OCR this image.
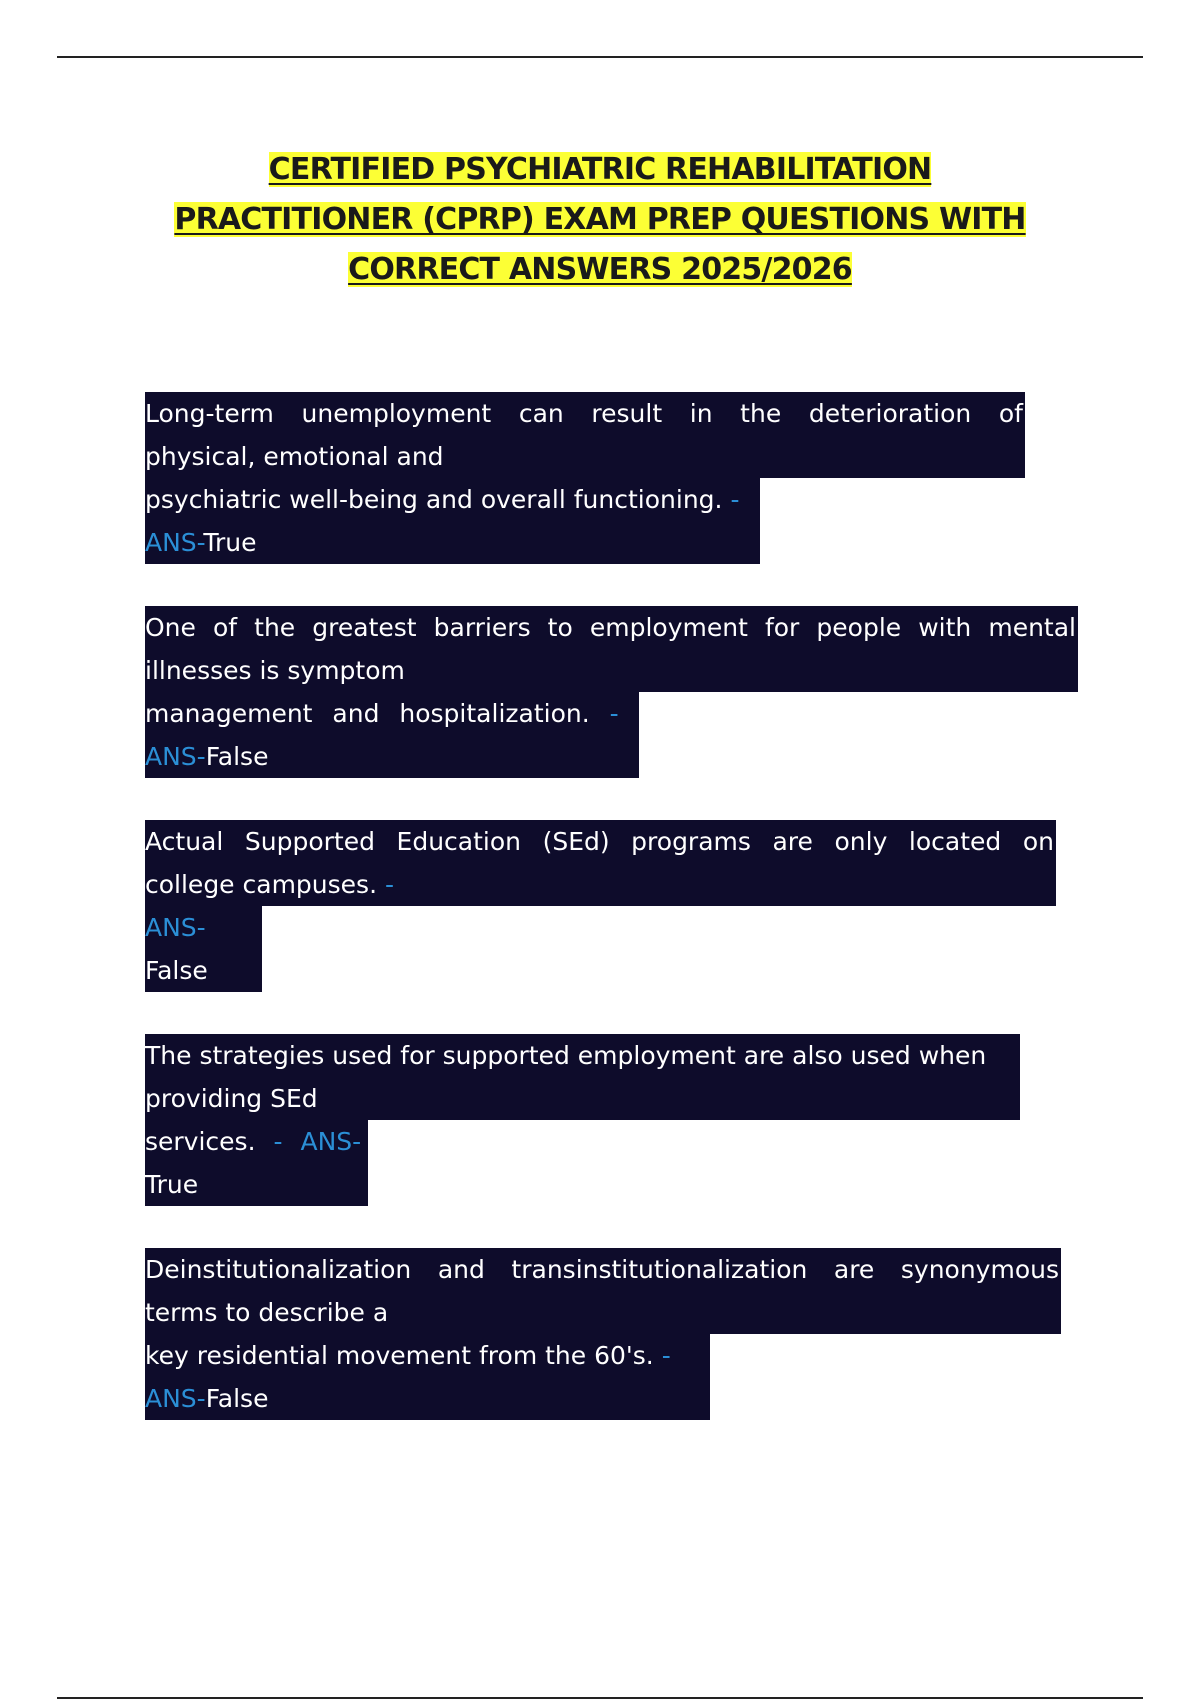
CERTIFIED PSYCHIATRIC REHABILITATION
PRACTITIONER (CPRP) EXAM PREP QUESTIONS WITH
CORRECT ANSWERS 2025/2026
Long-term unemployment can result in the deterioration of
physical, emotional and
psychiatric well-being and overall functioning. -
ANS-True
One of the greatest barriers to employment for people with mental
illnesses is symptom
management and hospitalization. -
ANS-False
Actual Supported Education (SEd) programs are only located on
college campuses. -
ANS-
False
The strategies used for supported employment are also used when
providing SEd
services. - ANS-
True
Deinstitutionalization and transinstitutionalization are synonymous
terms to describe a
key residential movement from the 60's. -
ANS-False
